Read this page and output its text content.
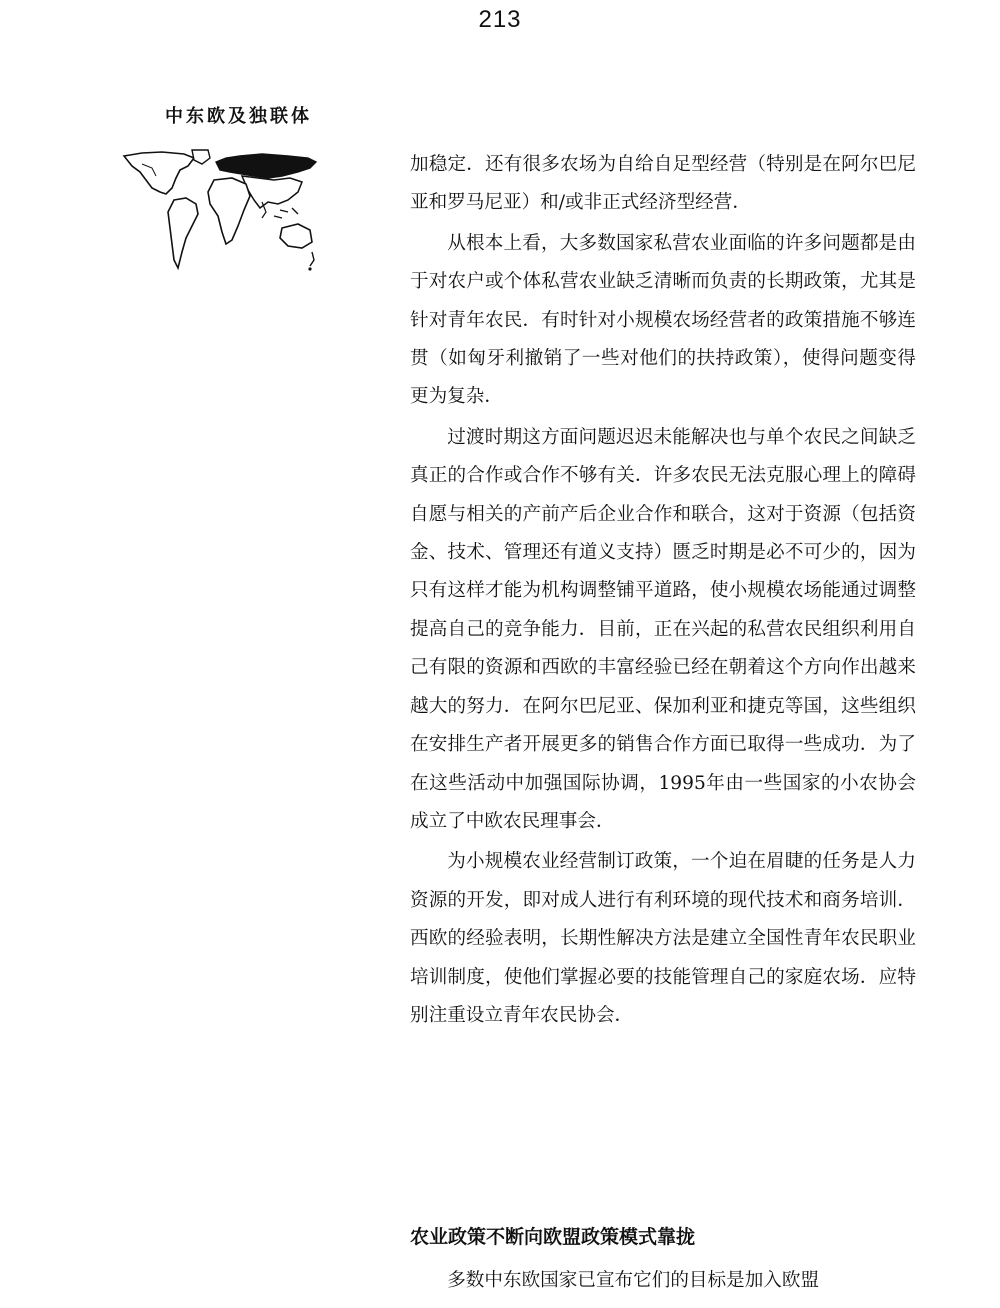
213
中东欧及独联体

加稳定．还有很多农场为自给自足型经营（特别是在阿尔巴尼亚和罗马尼亚）和/或非正式经济型经营．

从根本上看，大多数国家私营农业面临的许多问题都是由于对农户或个体私营农业缺乏清晰而负责的长期政策，尤其是针对青年农民．有时针对小规模农场经营者的政策措施不够连贯（如匈牙利撤销了一些对他们的扶持政策），使得问题变得更为复杂．

过渡时期这方面问题迟迟未能解决也与单个农民之间缺乏真正的合作或合作不够有关．许多农民无法克服心理上的障碍自愿与相关的产前产后企业合作和联合，这对于资源（包括资金、技术、管理还有道义支持）匮乏时期是必不可少的，因为只有这样才能为机构调整铺平道路，使小规模农场能通过调整提高自己的竞争能力．目前，正在兴起的私营农民组织利用自己有限的资源和西欧的丰富经验已经在朝着这个方向作出越来越大的努力．在阿尔巴尼亚、保加利亚和捷克等国，这些组织在安排生产者开展更多的销售合作方面已取得一些成功．为了在这些活动中加强国际协调，1995年由一些国家的小农协会成立了中欧农民理事会．

为小规模农业经营制订政策，一个迫在眉睫的任务是人力资源的开发，即对成人进行有利环境的现代技术和商务培训．西欧的经验表明，长期性解决方法是建立全国性青年农民职业培训制度，使他们掌握必要的技能管理自己的家庭农场．应特别注重设立青年农民协会．

农业政策不断向欧盟政策模式靠拢
多数中东欧国家已宣布它们的目标是加入欧盟
